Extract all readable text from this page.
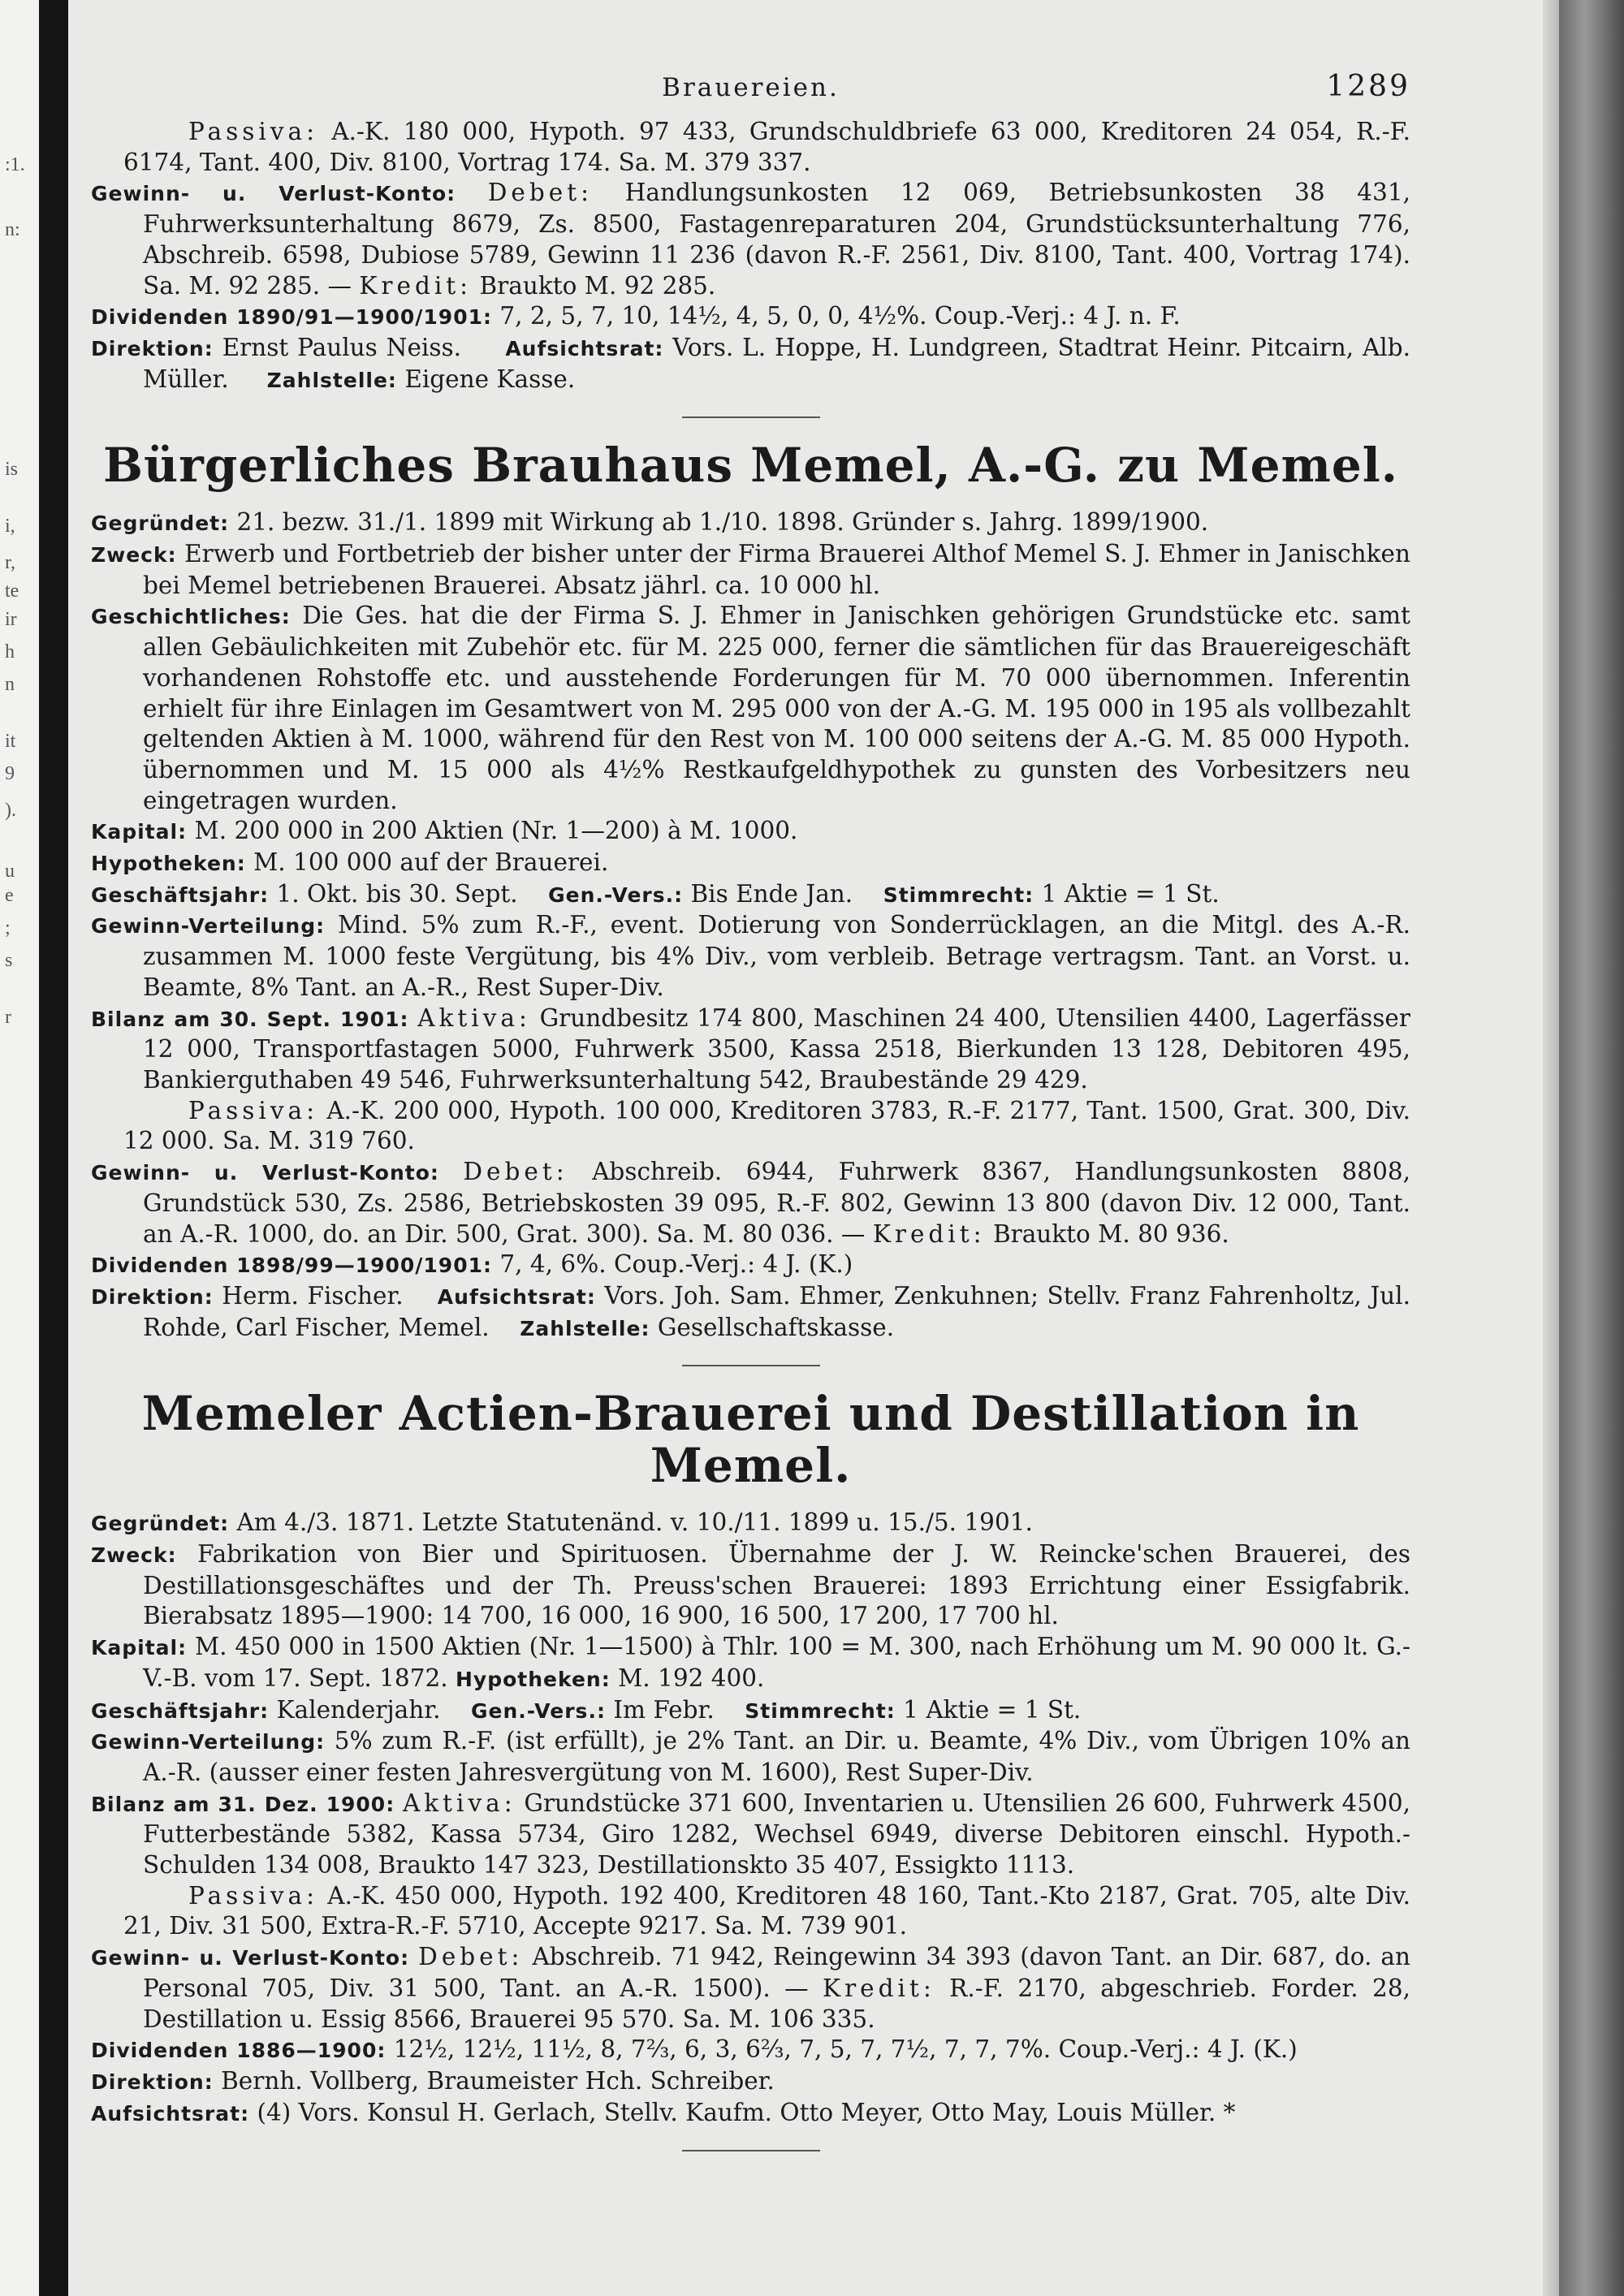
:1.
n:
is
i,
r,
te
ir
h
n
it
9
).
u
e
;
s
r
Brauereien.	1289

Passiva: A.-K. 180 000, Hypoth. 97 433, Grundschuldbriefe 63 000, Kreditoren 24 054, R.-F. 6174, Tant. 400, Div. 8100, Vortrag 174. Sa. M. 379 337.

Gewinn- u. Verlust-Konto: Debet: Handlungsunkosten 12 069, Betriebsunkosten 38 431, Fuhrwerksunterhaltung 8679, Zs. 8500, Fastagenreparaturen 204, Grundstücksunterhaltung 776, Abschreib. 6598, Dubiose 5789, Gewinn 11 236 (davon R.-F. 2561, Div. 8100, Tant. 400, Vortrag 174). Sa. M. 92 285. — Kredit: Braukto M. 92 285.

Dividenden 1890/91—1900/1901: 7, 2, 5, 7, 10, 14½, 4, 5, 0, 0, 4½%. Coup.-Verj.: 4 J. n. F.

Direktion: Ernst Paulus Neiss. Aufsichtsrat: Vors. L. Hoppe, H. Lundgreen, Stadtrat Heinr. Pitcairn, Alb. Müller. Zahlstelle: Eigene Kasse.

Bürgerliches Brauhaus Memel, A.-G. zu Memel.

Gegründet: 21. bezw. 31./1. 1899 mit Wirkung ab 1./10. 1898. Gründer s. Jahrg. 1899/1900.

Zweck: Erwerb und Fortbetrieb der bisher unter der Firma Brauerei Althof Memel S. J. Ehmer in Janischken bei Memel betriebenen Brauerei. Absatz jährl. ca. 10 000 hl.

Geschichtliches: Die Ges. hat die der Firma S. J. Ehmer in Janischken gehörigen Grundstücke etc. samt allen Gebäulichkeiten mit Zubehör etc. für M. 225 000, ferner die sämtlichen für das Brauereigeschäft vorhandenen Rohstoffe etc. und ausstehende Forderungen für M. 70 000 übernommen. Inferentin erhielt für ihre Einlagen im Gesamtwert von M. 295 000 von der A.-G. M. 195 000 in 195 als vollbezahlt geltenden Aktien à M. 1000, während für den Rest von M. 100 000 seitens der A.-G. M. 85 000 Hypoth. übernommen und M. 15 000 als 4½% Restkaufgeldhypothek zu gunsten des Vorbesitzers neu eingetragen wurden.

Kapital: M. 200 000 in 200 Aktien (Nr. 1—200) à M. 1000.

Hypotheken: M. 100 000 auf der Brauerei.

Geschäftsjahr: 1. Okt. bis 30. Sept. Gen.-Vers.: Bis Ende Jan. Stimmrecht: 1 Aktie = 1 St.

Gewinn-Verteilung: Mind. 5% zum R.-F., event. Dotierung von Sonderrücklagen, an die Mitgl. des A.-R. zusammen M. 1000 feste Vergütung, bis 4% Div., vom verbleib. Betrage vertragsm. Tant. an Vorst. u. Beamte, 8% Tant. an A.-R., Rest Super-Div.

Bilanz am 30. Sept. 1901: Aktiva: Grundbesitz 174 800, Maschinen 24 400, Utensilien 4400, Lagerfässer 12 000, Transportfastagen 5000, Fuhrwerk 3500, Kassa 2518, Bierkunden 13 128, Debitoren 495, Bankierguthaben 49 546, Fuhrwerksunterhaltung 542, Braubestände 29 429.

Passiva: A.-K. 200 000, Hypoth. 100 000, Kreditoren 3783, R.-F. 2177, Tant. 1500, Grat. 300, Div. 12 000. Sa. M. 319 760.

Gewinn- u. Verlust-Konto: Debet: Abschreib. 6944, Fuhrwerk 8367, Handlungsunkosten 8808, Grundstück 530, Zs. 2586, Betriebskosten 39 095, R.-F. 802, Gewinn 13 800 (davon Div. 12 000, Tant. an A.-R. 1000, do. an Dir. 500, Grat. 300). Sa. M. 80 036. — Kredit: Braukto M. 80 936.

Dividenden 1898/99—1900/1901: 7, 4, 6%. Coup.-Verj.: 4 J. (K.)

Direktion: Herm. Fischer. Aufsichtsrat: Vors. Joh. Sam. Ehmer, Zenkuhnen; Stellv. Franz Fahrenholtz, Jul. Rohde, Carl Fischer, Memel. Zahlstelle: Gesellschaftskasse.

Memeler Actien-Brauerei und Destillation in Memel.

Gegründet: Am 4./3. 1871. Letzte Statutenänd. v. 10./11. 1899 u. 15./5. 1901.

Zweck: Fabrikation von Bier und Spirituosen. Übernahme der J. W. Reincke'schen Brauerei, des Destillationsgeschäftes und der Th. Preuss'schen Brauerei: 1893 Errichtung einer Essigfabrik. Bierabsatz 1895—1900: 14 700, 16 000, 16 900, 16 500, 17 200, 17 700 hl.

Kapital: M. 450 000 in 1500 Aktien (Nr. 1—1500) à Thlr. 100 = M. 300, nach Erhöhung um M. 90 000 lt. G.-V.-B. vom 17. Sept. 1872. Hypotheken: M. 192 400.

Geschäftsjahr: Kalenderjahr. Gen.-Vers.: Im Febr. Stimmrecht: 1 Aktie = 1 St.

Gewinn-Verteilung: 5% zum R.-F. (ist erfüllt), je 2% Tant. an Dir. u. Beamte, 4% Div., vom Übrigen 10% an A.-R. (ausser einer festen Jahresvergütung von M. 1600), Rest Super-Div.

Bilanz am 31. Dez. 1900: Aktiva: Grundstücke 371 600, Inventarien u. Utensilien 26 600, Fuhrwerk 4500, Futterbestände 5382, Kassa 5734, Giro 1282, Wechsel 6949, diverse Debitoren einschl. Hypoth.-Schulden 134 008, Braukto 147 323, Destillationskto 35 407, Essigkto 1113.

Passiva: A.-K. 450 000, Hypoth. 192 400, Kreditoren 48 160, Tant.-Kto 2187, Grat. 705, alte Div. 21, Div. 31 500, Extra-R.-F. 5710, Accepte 9217. Sa. M. 739 901.

Gewinn- u. Verlust-Konto: Debet: Abschreib. 71 942, Reingewinn 34 393 (davon Tant. an Dir. 687, do. an Personal 705, Div. 31 500, Tant. an A.-R. 1500). — Kredit: R.-F. 2170, abgeschrieb. Forder. 28, Destillation u. Essig 8566, Brauerei 95 570. Sa. M. 106 335.

Dividenden 1886—1900: 12½, 12½, 11½, 8, 7⅔, 6, 3, 6⅔, 7, 5, 7, 7½, 7, 7, 7%. Coup.-Verj.: 4 J. (K.)

Direktion: Bernh. Vollberg, Braumeister Hch. Schreiber.

Aufsichtsrat: (4) Vors. Konsul H. Gerlach, Stellv. Kaufm. Otto Meyer, Otto May, Louis Müller. *
